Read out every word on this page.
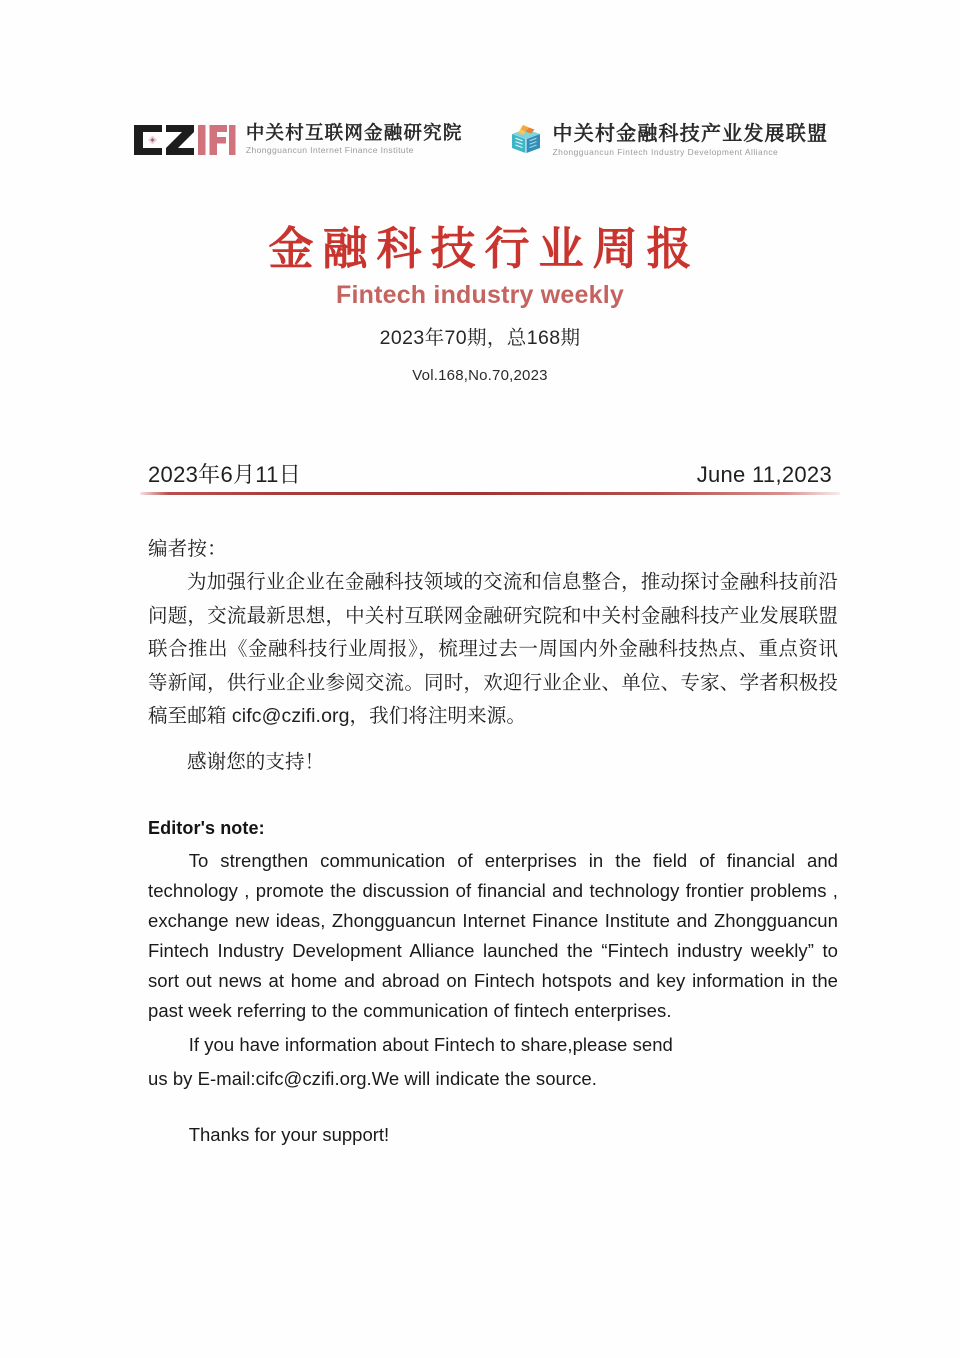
中关村互联网金融研究院
Zhongguancun Internet Finance Institute
中关村金融科技产业发展联盟
Zhongguancun Fintech Industry Development Alliance
金融科技行业周报
Fintech industry weekly
2023年70期，总168期
Vol.168,No.70,2023
2023年6月11日	June 11,2023
编者按：

为加强行业企业在金融科技领域的交流和信息整合，推动探讨金融科技前沿问题，交流最新思想，中关村互联网金融研究院和中关村金融科技产业发展联盟联合推出《金融科技行业周报》，梳理过去一周国内外金融科技热点、重点资讯等新闻，供行业企业参阅交流。同时，欢迎行业企业、单位、专家、学者积极投稿至邮箱 cifc@czifi.org，我们将注明来源。

感谢您的支持！

Editor's note:

To strengthen communication of enterprises in the field of financial and technology , promote the discussion of financial and technology frontier problems , exchange new ideas, Zhongguancun Internet Finance Institute and Zhongguancun Fintech Industry Development Alliance launched the “Fintech industry weekly” to sort out news at home and abroad on Fintech hotspots and key information in the past week referring to the communication of fintech enterprises.

If you have information about Fintech to share,please send

us by E-mail:cifc@czifi.org.We will indicate the source.

Thanks for your support!
